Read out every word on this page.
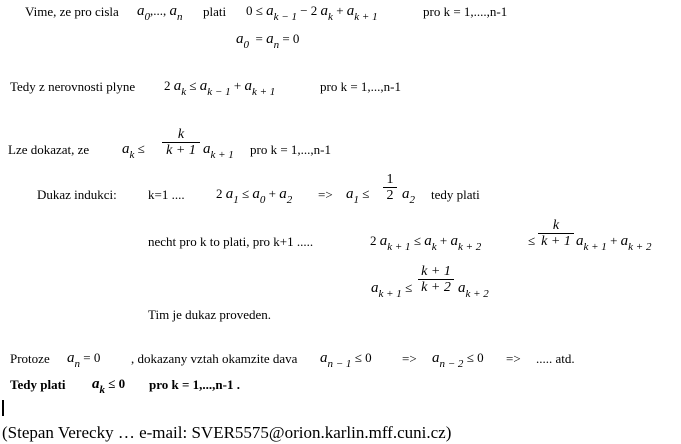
Vime, ze pro cisla $a_0$,..., $a_n$ plati $0 \le a_{k - 1} - 2$ $a_k + a_{k + 1}$	pro k = 1,....,n-1
$a_0 = a_n = 0$
Tedy z nerovnosti plyne 2 $a_k \le a_{k - 1} + a_{k + 1}$	pro k = 1,...,n-1
Lze dokazat, ze $a_k \le \frac{k}{k + 1} a_{k + 1}$ pro k = 1,...,n-1
Dukaz indukci: k=1 .... 2 $a_1 \le a_0 + a_2 => a_1 \le \frac{1}{2} a_2$ tedy plati
necht pro k to plati, pro k+1 .....	2 $a_{k + 1} \le a_k + a_{k + 2}$	≤ $\frac{k}{k + 1} a_{k + 1} + a_{k + 2}$
$a_{k + 1} \le \frac{k + 1}{k + 2} a_{k + 2}$
Tim je dukaz proveden.
Protoze $a_n = 0$ , dokazany vztah okamzite dava $a_{n - 1} \le 0 => a_{n - 2} \le 0$ => ..... atd.
Tedy plati $a_k \le 0$ pro k = 1,...,n-1 .
(Stepan Verecky … e-mail: SVER5575@orion.karlin.mff.cuni.cz)
